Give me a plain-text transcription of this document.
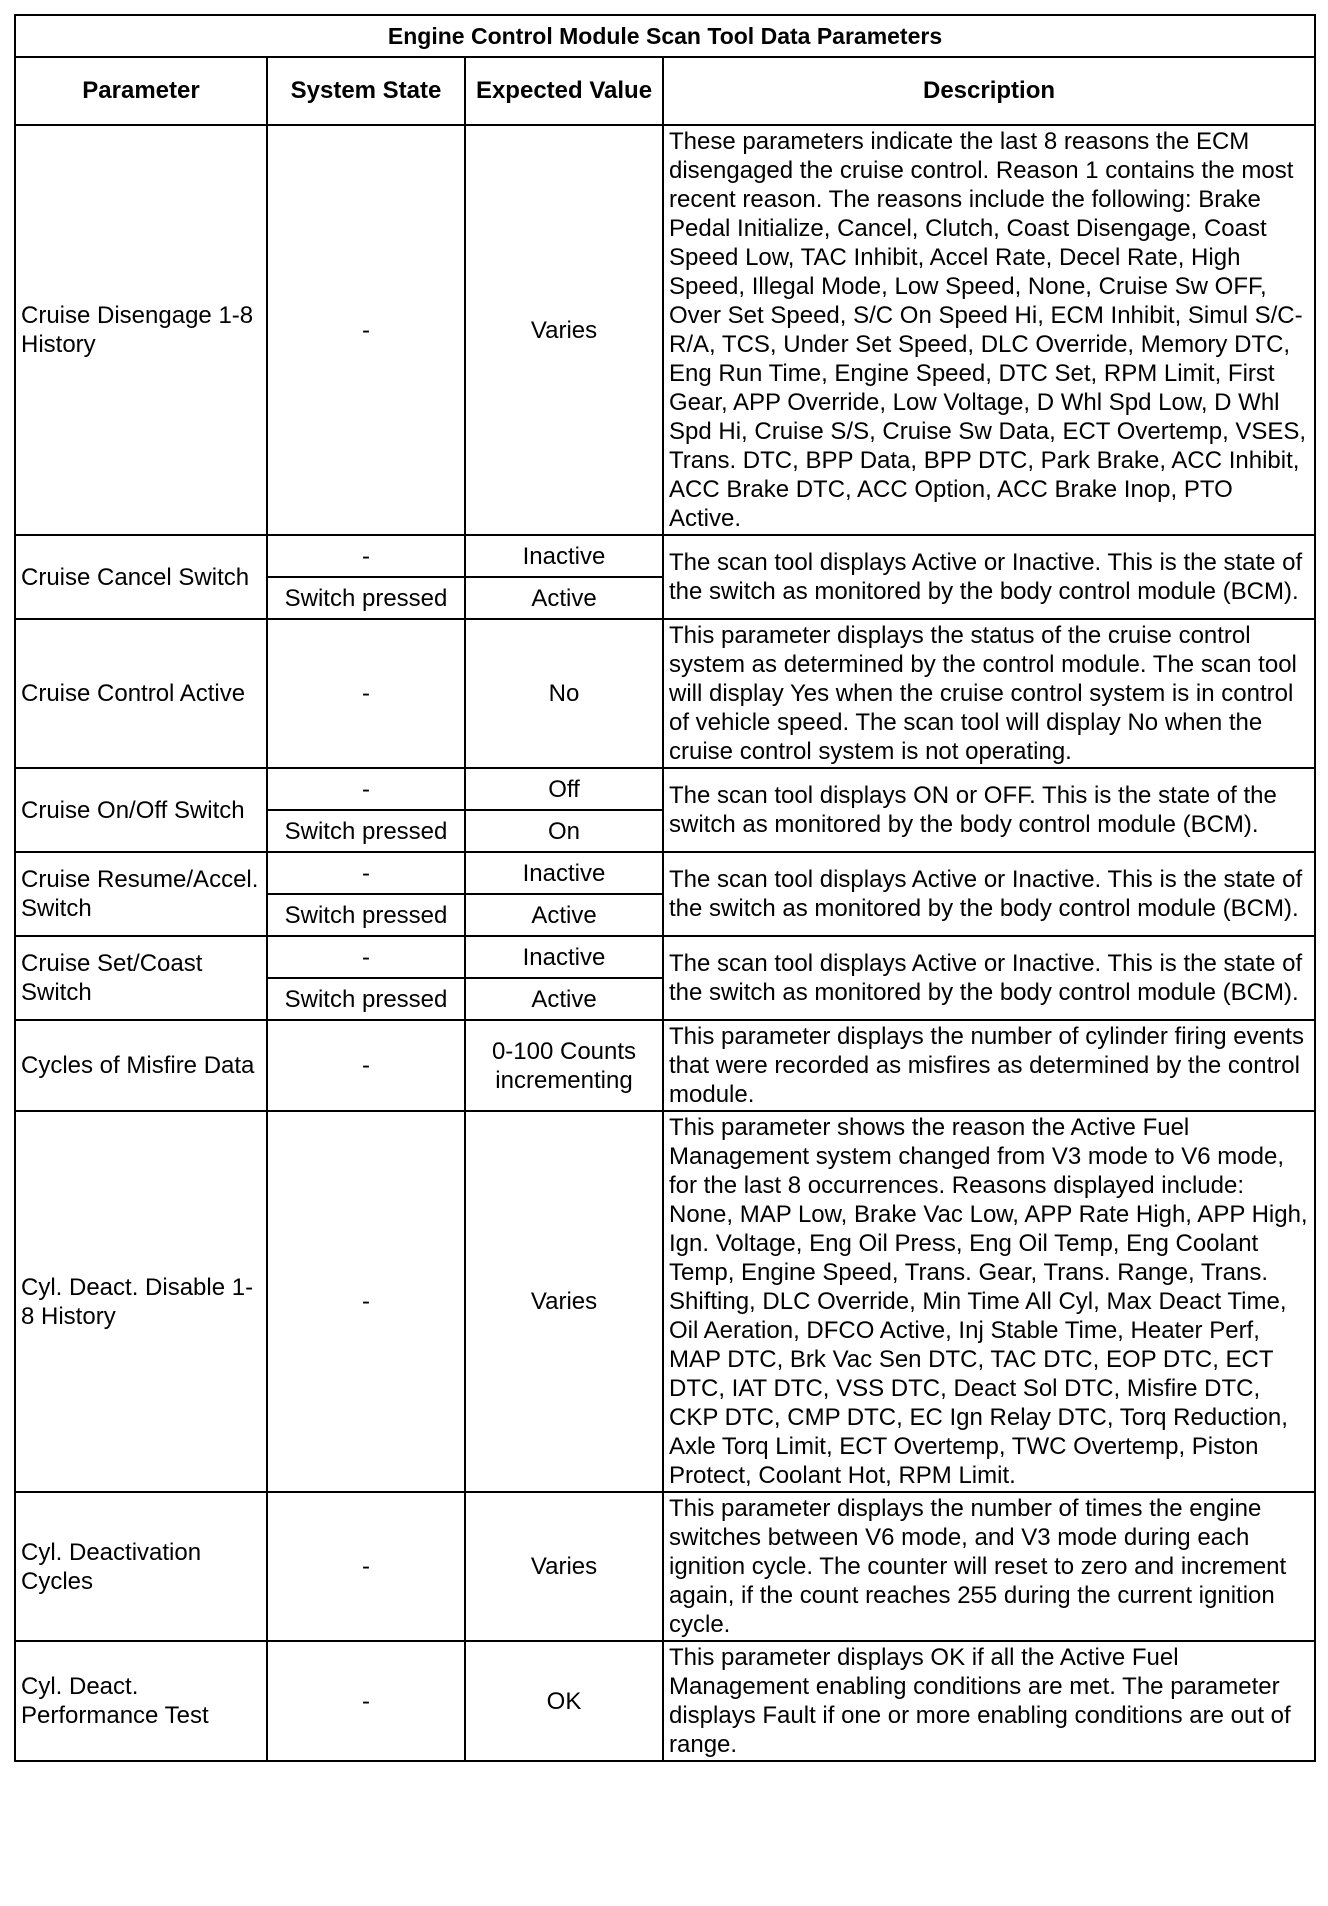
Engine Control Module Scan Tool Data Parameters			
Parameter	System State	Expected Value	Description
Cruise Disengage 1-8 History	-	Varies	These parameters indicate the last 8 reasons the ECM disengaged the cruise control. Reason 1 contains the most recent reason. The reasons include the following: Brake Pedal Initialize, Cancel, Clutch, Coast Disengage, Coast Speed Low, TAC Inhibit, Accel Rate, Decel Rate, High Speed, Illegal Mode, Low Speed, None, Cruise Sw OFF, Over Set Speed, S/C On Speed Hi, ECM Inhibit, Simul S/C-R/A, TCS, Under Set Speed, DLC Override, Memory DTC, Eng Run Time, Engine Speed, DTC Set, RPM Limit, First Gear, APP Override, Low Voltage, D Whl Spd Low, D Whl Spd Hi, Cruise S/S, Cruise Sw Data, ECT Overtemp, VSES, Trans. DTC, BPP Data, BPP DTC, Park Brake, ACC Inhibit, ACC Brake DTC, ACC Option, ACC Brake Inop, PTO Active.
Cruise Cancel Switch	-	Inactive	The scan tool displays Active or Inactive. This is the state of the switch as monitored by the body control module (BCM).
	Switch pressed	Active	
Cruise Control Active	-	No	This parameter displays the status of the cruise control system as determined by the control module. The scan tool will display Yes when the cruise control system is in control of vehicle speed. The scan tool will display No when the cruise control system is not operating.
Cruise On/Off Switch	-	Off	The scan tool displays ON or OFF. This is the state of the switch as monitored by the body control module (BCM).
	Switch pressed	On	
Cruise Resume/Accel. Switch	-	Inactive	The scan tool displays Active or Inactive. This is the state of the switch as monitored by the body control module (BCM).
	Switch pressed	Active	
Cruise Set/Coast Switch	-	Inactive	The scan tool displays Active or Inactive. This is the state of the switch as monitored by the body control module (BCM).
	Switch pressed	Active	
Cycles of Misfire Data	-	0-100 Counts incrementing	This parameter displays the number of cylinder firing events that were recorded as misfires as determined by the control module.
Cyl. Deact. Disable 1-8 History	-	Varies	This parameter shows the reason the Active Fuel Management system changed from V3 mode to V6 mode, for the last 8 occurrences. Reasons displayed include: None, MAP Low, Brake Vac Low, APP Rate High, APP High, Ign. Voltage, Eng Oil Press, Eng Oil Temp, Eng Coolant Temp, Engine Speed, Trans. Gear, Trans. Range, Trans. Shifting, DLC Override, Min Time All Cyl, Max Deact Time, Oil Aeration, DFCO Active, Inj Stable Time, Heater Perf, MAP DTC, Brk Vac Sen DTC, TAC DTC, EOP DTC, ECT DTC, IAT DTC, VSS DTC, Deact Sol DTC, Misfire DTC, CKP DTC, CMP DTC, EC Ign Relay DTC, Torq Reduction, Axle Torq Limit, ECT Overtemp, TWC Overtemp, Piston Protect, Coolant Hot, RPM Limit.
Cyl. Deactivation Cycles	-	Varies	This parameter displays the number of times the engine switches between V6 mode, and V3 mode during each ignition cycle. The counter will reset to zero and increment again, if the count reaches 255 during the current ignition cycle.
Cyl. Deact. Performance Test	-	OK	This parameter displays OK if all the Active Fuel Management enabling conditions are met. The parameter displays Fault if one or more enabling conditions are out of range.
